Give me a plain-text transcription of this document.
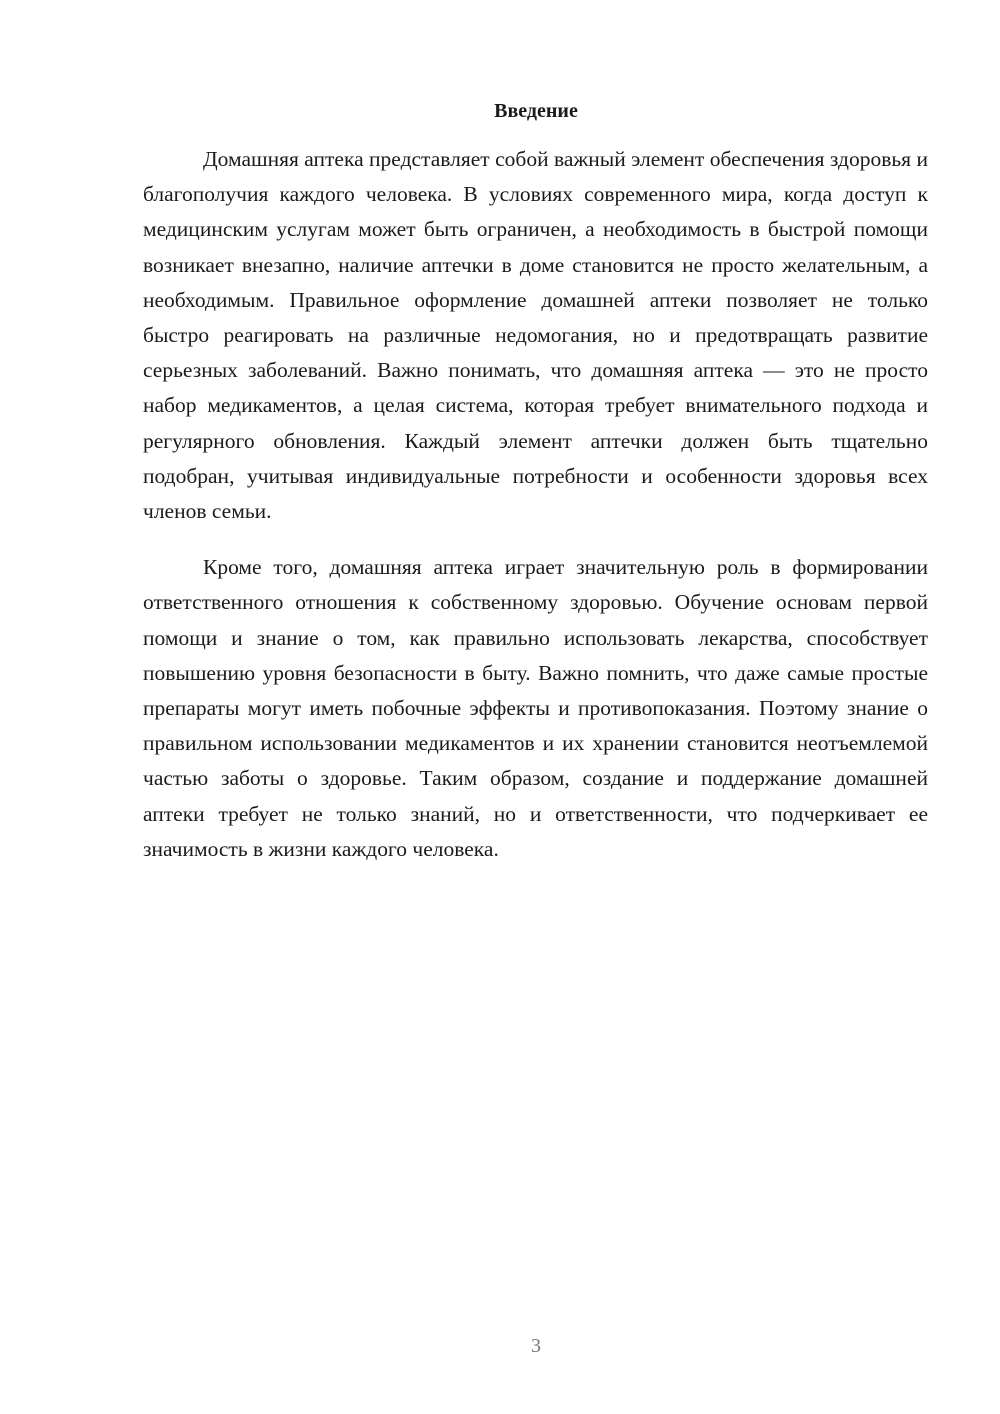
Введение

Домашняя аптека представляет собой важный элемент обеспечения здоровья и благополучия каждого человека. В условиях современного мира, когда доступ к медицинским услугам может быть ограничен, а необходимость в быстрой помощи возникает внезапно, наличие аптечки в доме становится не просто желательным, а необходимым. Правильное оформление домашней аптеки позволяет не только быстро реагировать на различные недомогания, но и предотвращать развитие серьезных заболеваний. Важно понимать, что домашняя аптека — это не просто набор медикаментов, а целая система, которая требует внимательного подхода и регулярного обновления. Каждый элемент аптечки должен быть тщательно подобран, учитывая индивидуальные потребности и особенности здоровья всех членов семьи.

Кроме того, домашняя аптека играет значительную роль в формировании ответственного отношения к собственному здоровью. Обучение основам первой помощи и знание о том, как правильно использовать лекарства, способствует повышению уровня безопасности в быту. Важно помнить, что даже самые простые препараты могут иметь побочные эффекты и противопоказания. Поэтому знание о правильном использовании медикаментов и их хранении становится неотъемлемой частью заботы о здоровье. Таким образом, создание и поддержание домашней аптеки требует не только знаний, но и ответственности, что подчеркивает ее значимость в жизни каждого человека.

3
